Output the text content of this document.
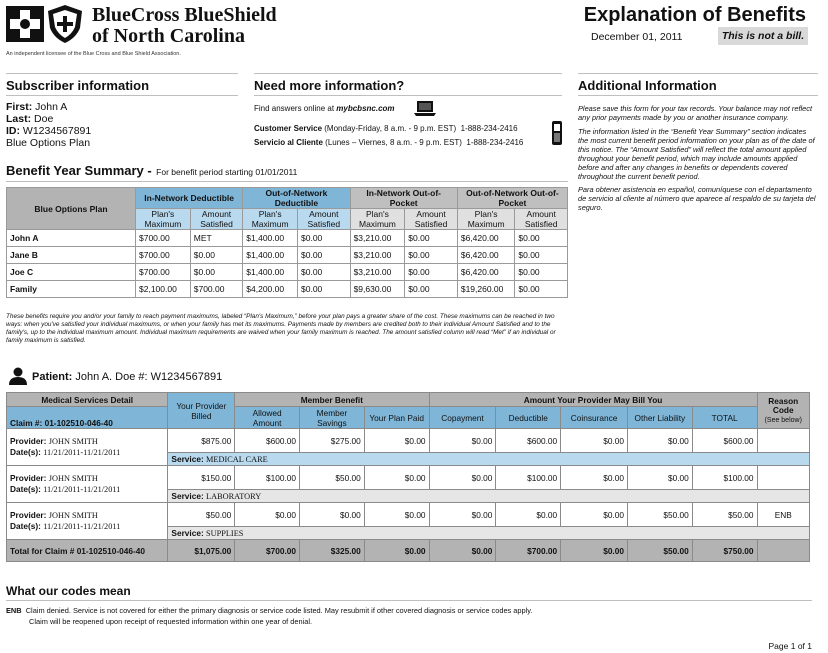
BlueCross BlueShield
of North Carolina
An independent licensee of the Blue Cross and Blue Shield Association.
Explanation of Benefits
December 01, 2011	This is not a bill.
Subscriber information
First: John A
Last: Doe
ID: W1234567891
Blue Options Plan
Need more information?
Find answers online at mybcbsnc.com
Customer Service (Monday-Friday, 8 a.m. - 9 p.m. EST) 1-888-234-2416
Servicio al Cliente (Lunes – Viernes, 8 a.m. - 9 p.m. EST) 1-888-234-2416
Additional Information
Please save this form for your tax records. Your balance may not reflect any prior payments made by you or another insurance company.
The information listed in the “Benefit Year Summary” section indicates the most current benefit period information on your plan as of the date of this notice. The “Amount Satisfied” will reflect the total amount applied throughout your benefit period, which may include amounts applied before and after any changes in benefits or dependents covered throughout the current benefit period.
Para obtener asistencia en español, comuníquese con el departamento de servicio al cliente al número que aparece al respaldo de su tarjeta del seguro.
Benefit Year Summary - For benefit period starting 01/01/2011
Blue Options Plan	In-Network Deductible		Out-of-Network Deductible		In-Network Out-of-Pocket		Out-of-Network Out-of-Pocket	
	Plan's Maximum	Amount Satisfied	Plan's Maximum	Amount Satisfied	Plan's Maximum	Amount Satisfied	Plan's Maximum	Amount Satisfied
John A	$700.00	MET	$1,400.00	$0.00	$3,210.00	$0.00	$6,420.00	$0.00
Jane B	$700.00	$0.00	$1,400.00	$0.00	$3,210.00	$0.00	$6,420.00	$0.00
Joe C	$700.00	$0.00	$1,400.00	$0.00	$3,210.00	$0.00	$6,420.00	$0.00
Family	$2,100.00	$700.00	$4,200.00	$0.00	$9,630.00	$0.00	$19,260.00	$0.00
These benefits require you and/or your family to reach payment maximums, labeled “Plan's Maximum,” before your plan pays a greater share of the cost. These maximums can be reached in two ways: when you've satisfied your individual maximums, or when your family has met its maximums. Payments made by members are credited both to their individual Amount Satisfied and to the family's, up to the individual maximum amount. Individual maximum requirements are waived when your family maximum is reached. The amount satisfied column will read “Met” if an individual or family maximum is satisfied.
Patient: John A. Doe #: W1234567891
Medical Services Detail	Your Provider Billed	Member Benefit			Amount Your Provider May Bill You					Reason Code
(See below)
Claim #: 01-102510-046-40		Allowed Amount	Member Savings	Your Plan Paid	Copayment	Deductible	Coinsurance	Other Liability	TOTAL	
Provider: JOHN SMITH
Date(s): 11/21/2011-11/21/2011	$875.00	$600.00	$275.00	$0.00	$0.00	$600.00	$0.00	$0.00	$600.00	
	Service: MEDICAL CARE									
Provider: JOHN SMITH
Date(s): 11/21/2011-11/21/2011	$150.00	$100.00	$50.00	$0.00	$0.00	$100.00	$0.00	$0.00	$100.00	
	Service: LABORATORY									
Provider: JOHN SMITH
Date(s): 11/21/2011-11/21/2011	$50.00	$0.00	$0.00	$0.00	$0.00	$0.00	$0.00	$50.00	$50.00	ENB
	Service: SUPPLIES									
Total for Claim # 01-102510-046-40	$1,075.00	$700.00	$325.00	$0.00	$0.00	$700.00	$0.00	$50.00	$750.00	
What our codes mean
ENB Claim denied. Service is not covered for either the primary diagnosis or service code listed. May resubmit if other covered diagnosis or service codes apply.
Claim will be reopened upon receipt of requested information within one year of denial.
Page 1 of 1
